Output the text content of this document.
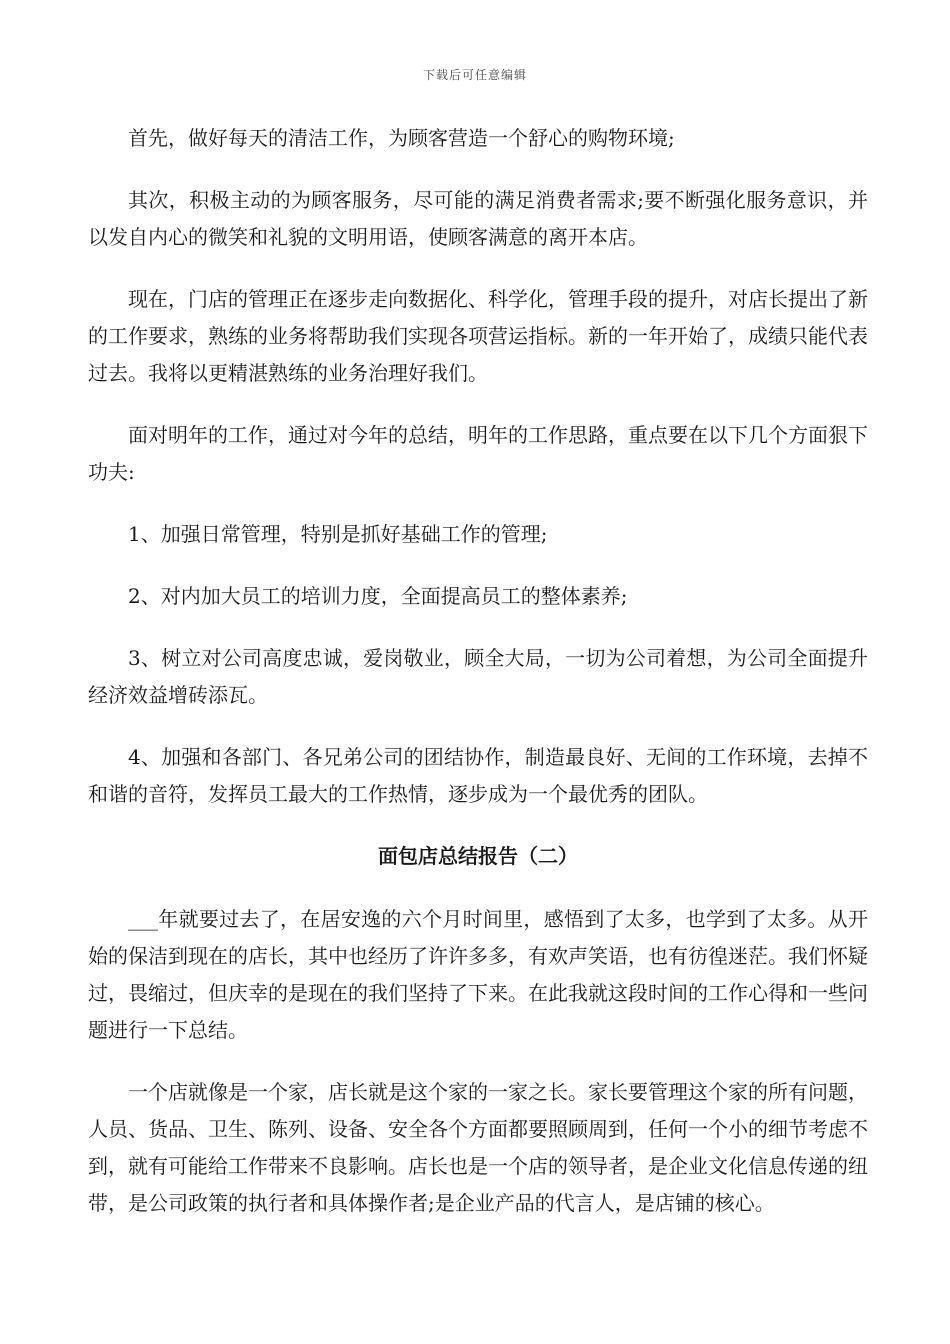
下载后可任意编辑

首先，做好每天的清洁工作，为顾客营造一个舒心的购物环境;

其次，积极主动的为顾客服务，尽可能的满足消费者需求;要不断强化服务意识，并以发自内心的微笑和礼貌的文明用语，使顾客满意的离开本店。

现在，门店的管理正在逐步走向数据化、科学化，管理手段的提升，对店长提出了新的工作要求，熟练的业务将帮助我们实现各项营运指标。新的一年开始了，成绩只能代表过去。我将以更精湛熟练的业务治理好我们。

面对明年的工作，通过对今年的总结，明年的工作思路，重点要在以下几个方面狠下功夫:

1、加强日常管理，特别是抓好基础工作的管理;

2、对内加大员工的培训力度，全面提高员工的整体素养;

3、树立对公司高度忠诚，爱岗敬业，顾全大局，一切为公司着想，为公司全面提升经济效益增砖添瓦。

4、加强和各部门、各兄弟公司的团结协作，制造最良好、无间的工作环境，去掉不和谐的音符，发挥员工最大的工作热情，逐步成为一个最优秀的团队。

面包店总结报告（二）

___年就要过去了，在居安逸的六个月时间里，感悟到了太多，也学到了太多。从开始的保洁到现在的店长，其中也经历了许许多多，有欢声笑语，也有彷徨迷茫。我们怀疑过，畏缩过，但庆幸的是现在的我们坚持了下来。在此我就这段时间的工作心得和一些问题进行一下总结。

一个店就像是一个家，店长就是这个家的一家之长。家长要管理这个家的所有问题，人员、货品、卫生、陈列、设备、安全各个方面都要照顾周到，任何一个小的细节考虑不到，就有可能给工作带来不良影响。店长也是一个店的领导者，是企业文化信息传递的纽带，是公司政策的执行者和具体操作者;是企业产品的代言人，是店铺的核心。
